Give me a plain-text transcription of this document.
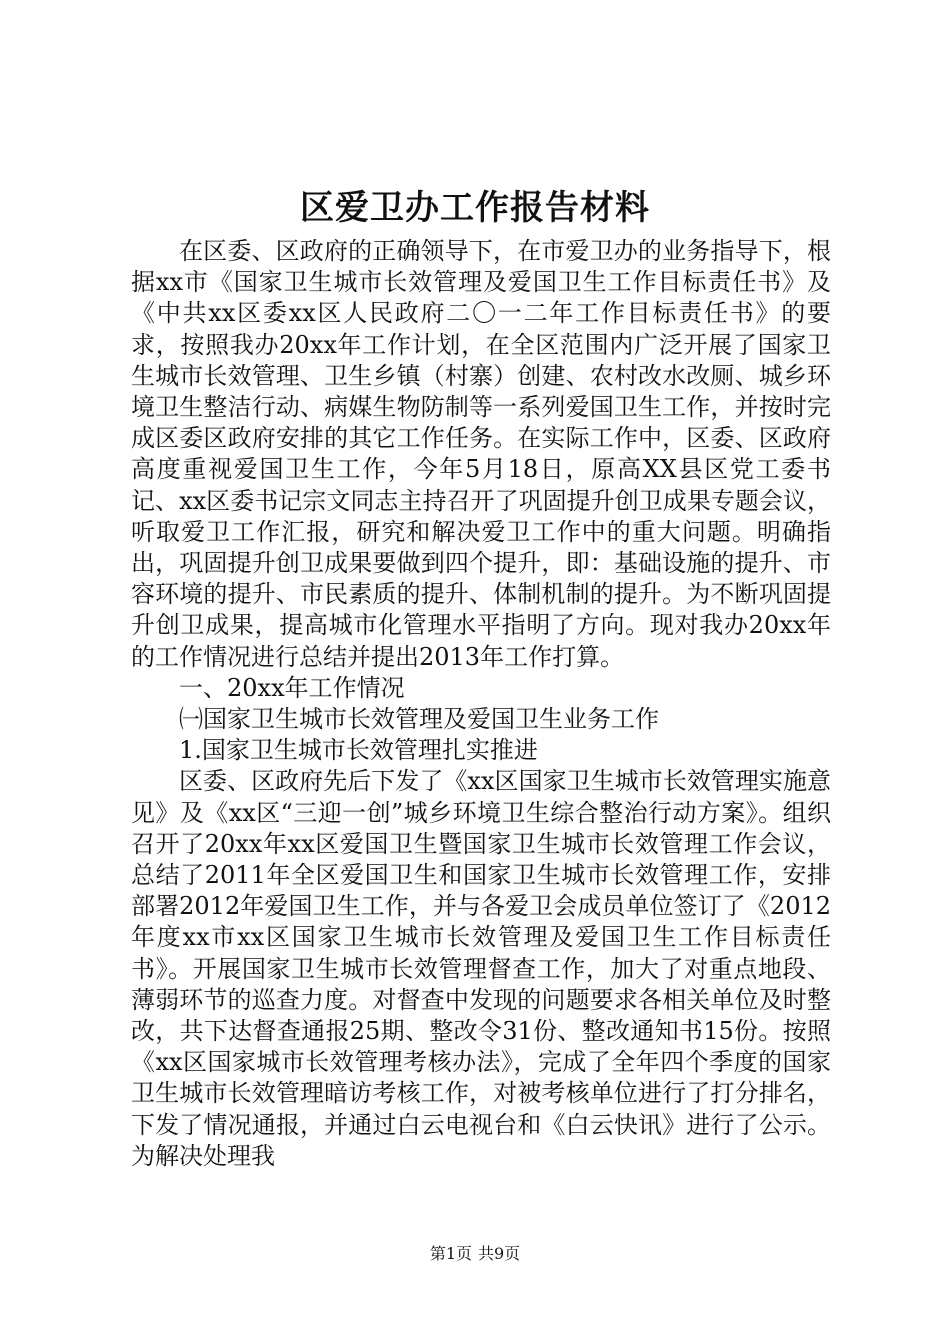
区爱卫办工作报告材料

在区委、区政府的正确领导下，在市爱卫办的业务指导下，根据xx市《国家卫生城市长效管理及爱国卫生工作目标责任书》及《中共xx区委xx区人民政府二〇一二年工作目标责任书》的要求，按照我办20xx年工作计划，在全区范围内广泛开展了国家卫生城市长效管理、卫生乡镇（村寨）创建、农村改水改厕、城乡环境卫生整洁行动、病媒生物防制等一系列爱国卫生工作，并按时完成区委区政府安排的其它工作任务。在实际工作中，区委、区政府高度重视爱国卫生工作，今年5月18日，原高XX县区党工委书记、xx区委书记宗文同志主持召开了巩固提升创卫成果专题会议，听取爱卫工作汇报，研究和解决爱卫工作中的重大问题。明确指出，巩固提升创卫成果要做到四个提升，即：基础设施的提升、市容环境的提升、市民素质的提升、体制机制的提升。为不断巩固提升创卫成果，提高城市化管理水平指明了方向。现对我办20xx年的工作情况进行总结并提出2013年工作打算。

一、20xx年工作情况

㈠国家卫生城市长效管理及爱国卫生业务工作

1.国家卫生城市长效管理扎实推进

区委、区政府先后下发了《xx区国家卫生城市长效管理实施意见》及《xx区“三迎一创”城乡环境卫生综合整治行动方案》。组织召开了20xx年xx区爱国卫生暨国家卫生城市长效管理工作会议，总结了2011年全区爱国卫生和国家卫生城市长效管理工作，安排部署2012年爱国卫生工作，并与各爱卫会成员单位签订了《2012年度xx市xx区国家卫生城市长效管理及爱国卫生工作目标责任书》。开展国家卫生城市长效管理督查工作，加大了对重点地段、薄弱环节的巡查力度。对督查中发现的问题要求各相关单位及时整改，共下达督查通报25期、整改令31份、整改通知书15份。按照《xx区国家城市长效管理考核办法》，完成了全年四个季度的国家卫生城市长效管理暗访考核工作，对被考核单位进行了打分排名，下发了情况通报，并通过白云电视台和《白云快讯》进行了公示。为解决处理我

第1页 共9页
